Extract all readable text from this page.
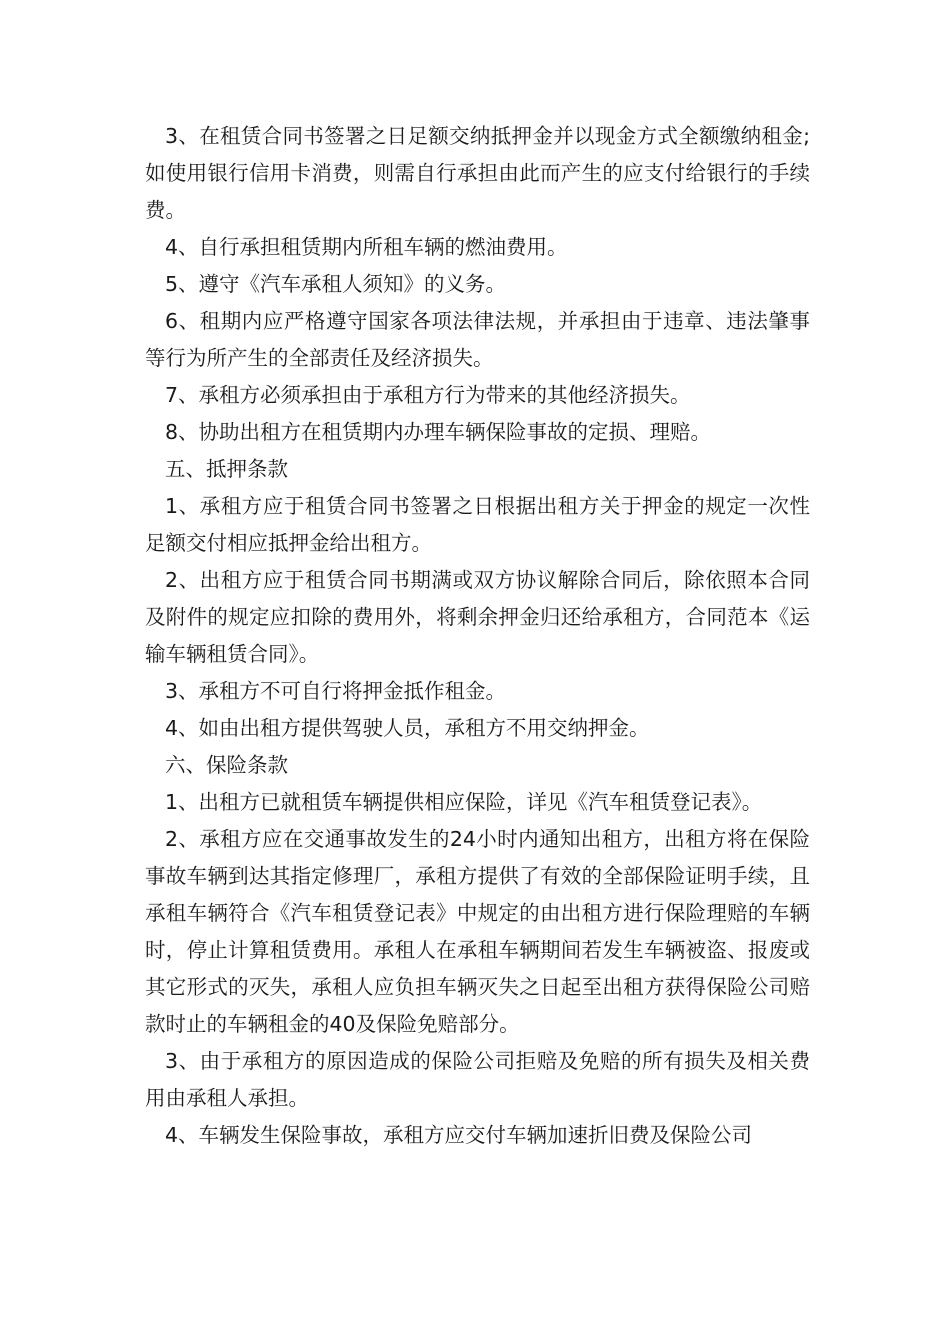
3、在租赁合同书签署之日足额交纳抵押金并以现金方式全额缴纳租金;如使用银行信用卡消费，则需自行承担由此而产生的应支付给银行的手续费。

4、自行承担租赁期内所租车辆的燃油费用。

5、遵守《汽车承租人须知》的义务。

6、租期内应严格遵守国家各项法律法规，并承担由于违章、违法肇事等行为所产生的全部责任及经济损失。

7、承租方必须承担由于承租方行为带来的其他经济损失。

8、协助出租方在租赁期内办理车辆保险事故的定损、理赔。

五、抵押条款

1、承租方应于租赁合同书签署之日根据出租方关于押金的规定一次性足额交付相应抵押金给出租方。

2、出租方应于租赁合同书期满或双方协议解除合同后，除依照本合同及附件的规定应扣除的费用外，将剩余押金归还给承租方，合同范本《运输车辆租赁合同》。

3、承租方不可自行将押金抵作租金。

4、如由出租方提供驾驶人员，承租方不用交纳押金。

六、保险条款

1、出租方已就租赁车辆提供相应保险，详见《汽车租赁登记表》。

2、承租方应在交通事故发生的24小时内通知出租方，出租方将在保险事故车辆到达其指定修理厂，承租方提供了有效的全部保险证明手续，且承租车辆符合《汽车租赁登记表》中规定的由出租方进行保险理赔的车辆时，停止计算租赁费用。承租人在承租车辆期间若发生车辆被盗、报废或其它形式的灭失，承租人应负担车辆灭失之日起至出租方获得保险公司赔款时止的车辆租金的40及保险免赔部分。

3、由于承租方的原因造成的保险公司拒赔及免赔的所有损失及相关费用由承租人承担。

4、车辆发生保险事故，承租方应交付车辆加速折旧费及保险公司
